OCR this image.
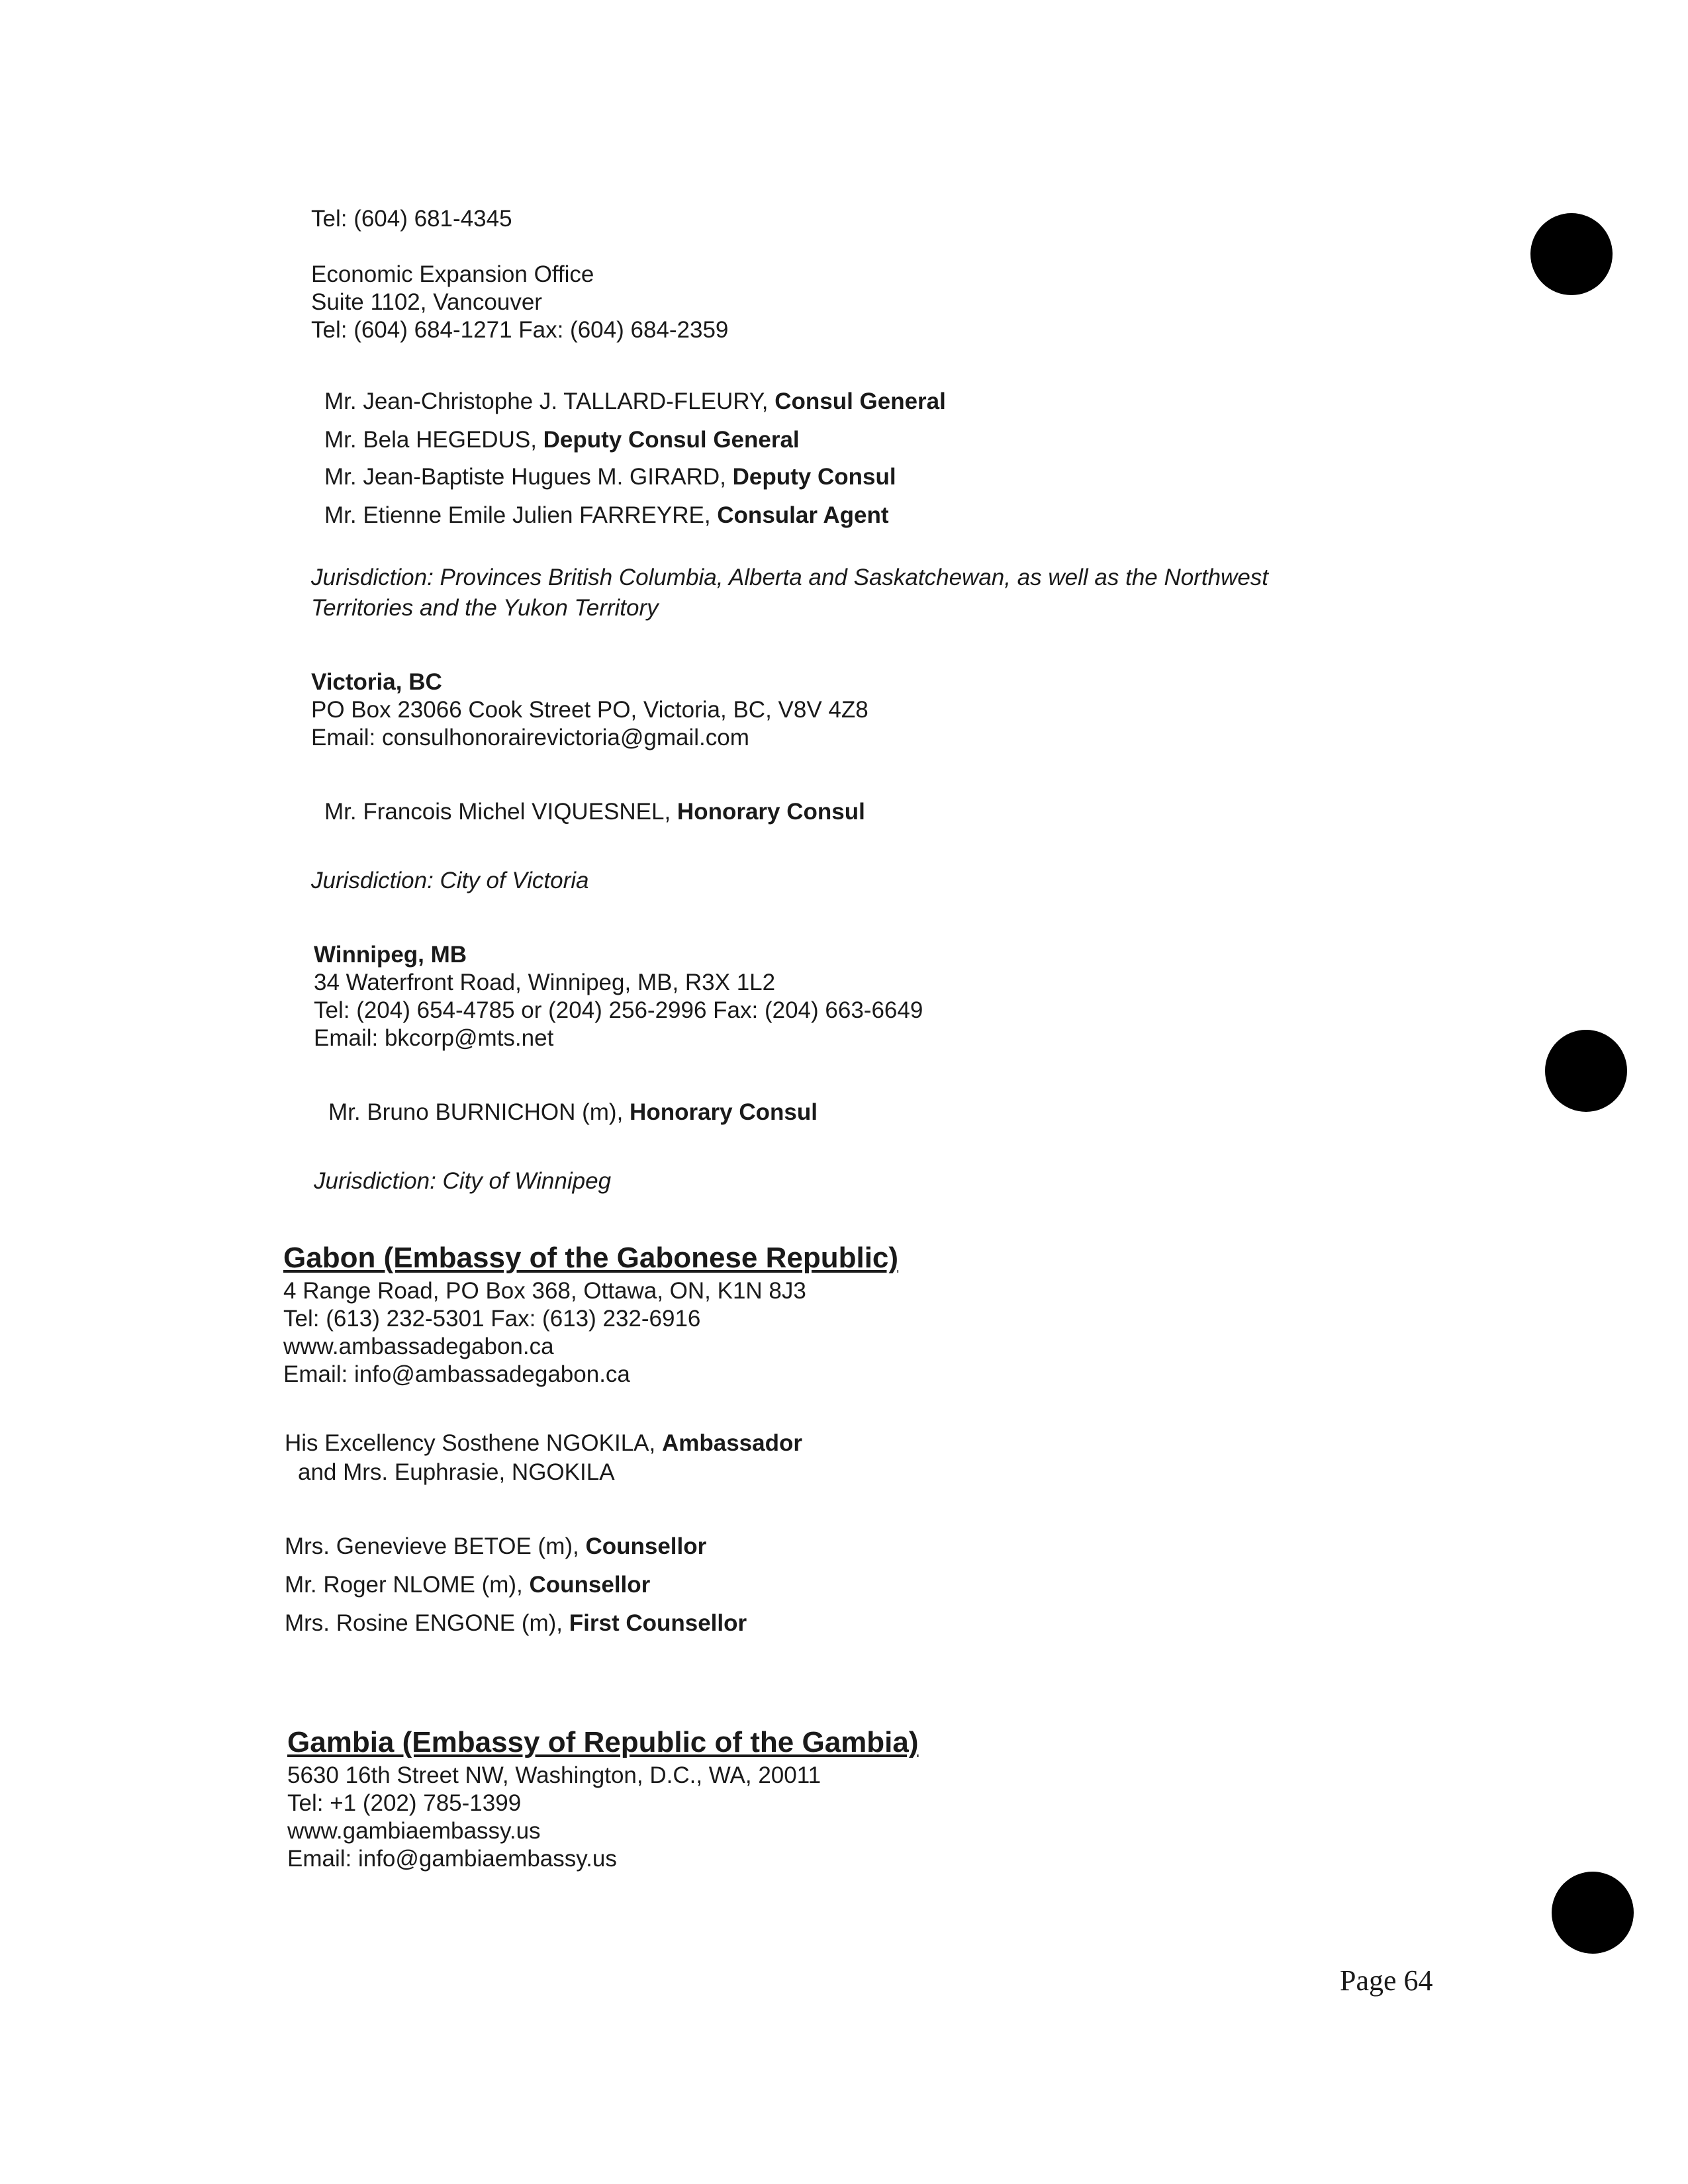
Tel: (604) 681-4345
Economic Expansion Office
Suite 1102, Vancouver
Tel: (604) 684-1271 Fax: (604) 684-2359
Mr. Jean-Christophe J. TALLARD-FLEURY, Consul General
Mr. Bela HEGEDUS, Deputy Consul General
Mr. Jean-Baptiste Hugues M. GIRARD, Deputy Consul
Mr. Etienne Emile Julien FARREYRE, Consular Agent
Jurisdiction: Provinces British Columbia, Alberta and Saskatchewan, as well as the Northwest
Territories and the Yukon Territory
Victoria, BC
PO Box 23066 Cook Street PO, Victoria, BC, V8V 4Z8
Email: consulhonorairevictoria@gmail.com
Mr. Francois Michel VIQUESNEL, Honorary Consul
Jurisdiction: City of Victoria
Winnipeg, MB
34 Waterfront Road, Winnipeg, MB, R3X 1L2
Tel: (204) 654-4785 or (204) 256-2996 Fax: (204) 663-6649
Email: bkcorp@mts.net
Mr. Bruno BURNICHON (m), Honorary Consul
Jurisdiction: City of Winnipeg
Gabon (Embassy of the Gabonese Republic)
4 Range Road, PO Box 368, Ottawa, ON, K1N 8J3
Tel: (613) 232-5301 Fax: (613) 232-6916
www.ambassadegabon.ca
Email: info@ambassadegabon.ca
His Excellency Sosthene NGOKILA, Ambassador
and Mrs. Euphrasie, NGOKILA
Mrs. Genevieve BETOE (m), Counsellor
Mr. Roger NLOME (m), Counsellor
Mrs. Rosine ENGONE (m), First Counsellor
Gambia (Embassy of Republic of the Gambia)
5630 16th Street NW, Washington, D.C., WA, 20011
Tel: +1 (202) 785-1399
www.gambiaembassy.us
Email: info@gambiaembassy.us
Page 64
